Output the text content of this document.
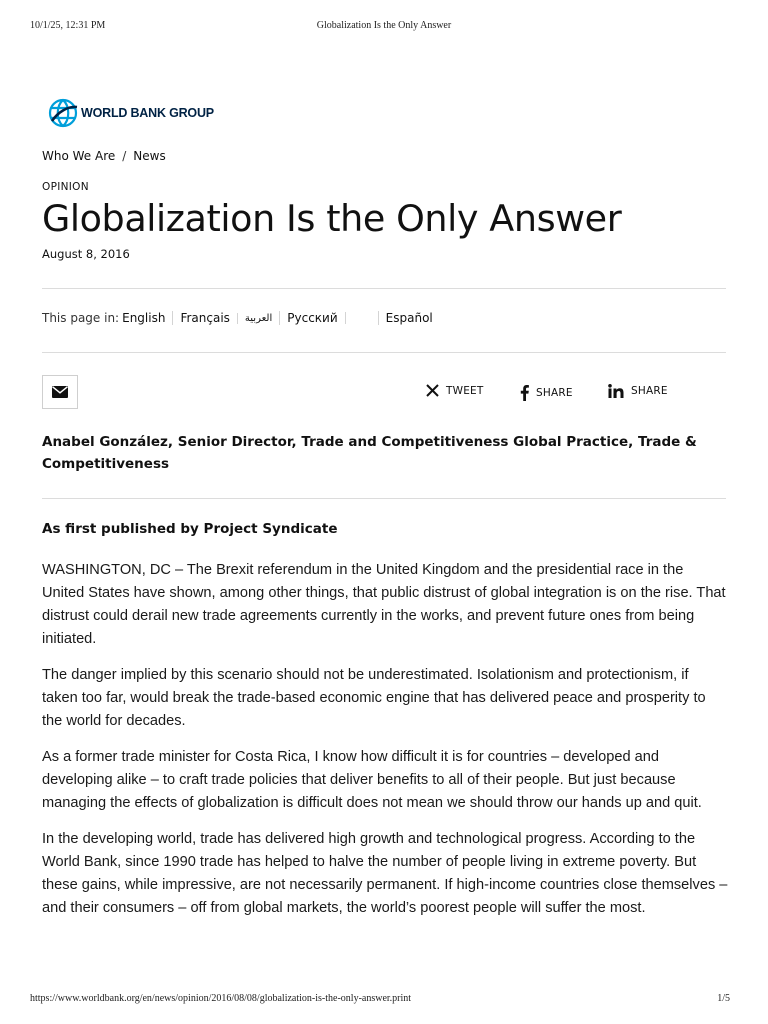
10/1/25, 12:31 PM	Globalization Is the Only Answer
WORLD BANK GROUP
Who We Are / News
OPINION
Globalization Is the Only Answer
August 8, 2016
This page in: English	Français	العربية	Русский	Español
TWEET	SHARE	SHARE
Anabel González, Senior Director, Trade and Competitiveness Global Practice, Trade & Competitiveness
As first published by Project Syndicate

WASHINGTON, DC – The Brexit referendum in the United Kingdom and the presidential race in the United States have shown, among other things, that public distrust of global integration is on the rise. That distrust could derail new trade agreements currently in the works, and prevent future ones from being initiated.

The danger implied by this scenario should not be underestimated. Isolationism and protectionism, if taken too far, would break the trade-based economic engine that has delivered peace and prosperity to the world for decades.

As a former trade minister for Costa Rica, I know how difficult it is for countries – developed and developing alike – to craft trade policies that deliver benefits to all of their people. But just because managing the effects of globalization is difficult does not mean we should throw our hands up and quit.

In the developing world, trade has delivered high growth and technological progress. According to the World Bank, since 1990 trade has helped to halve the number of people living in extreme poverty. But these gains, while impressive, are not necessarily permanent. If high-income countries close themselves – and their consumers – off from global markets, the world’s poorest people will suffer the most.

https://www.worldbank.org/en/news/opinion/2016/08/08/globalization-is-the-only-answer.print	1/5
